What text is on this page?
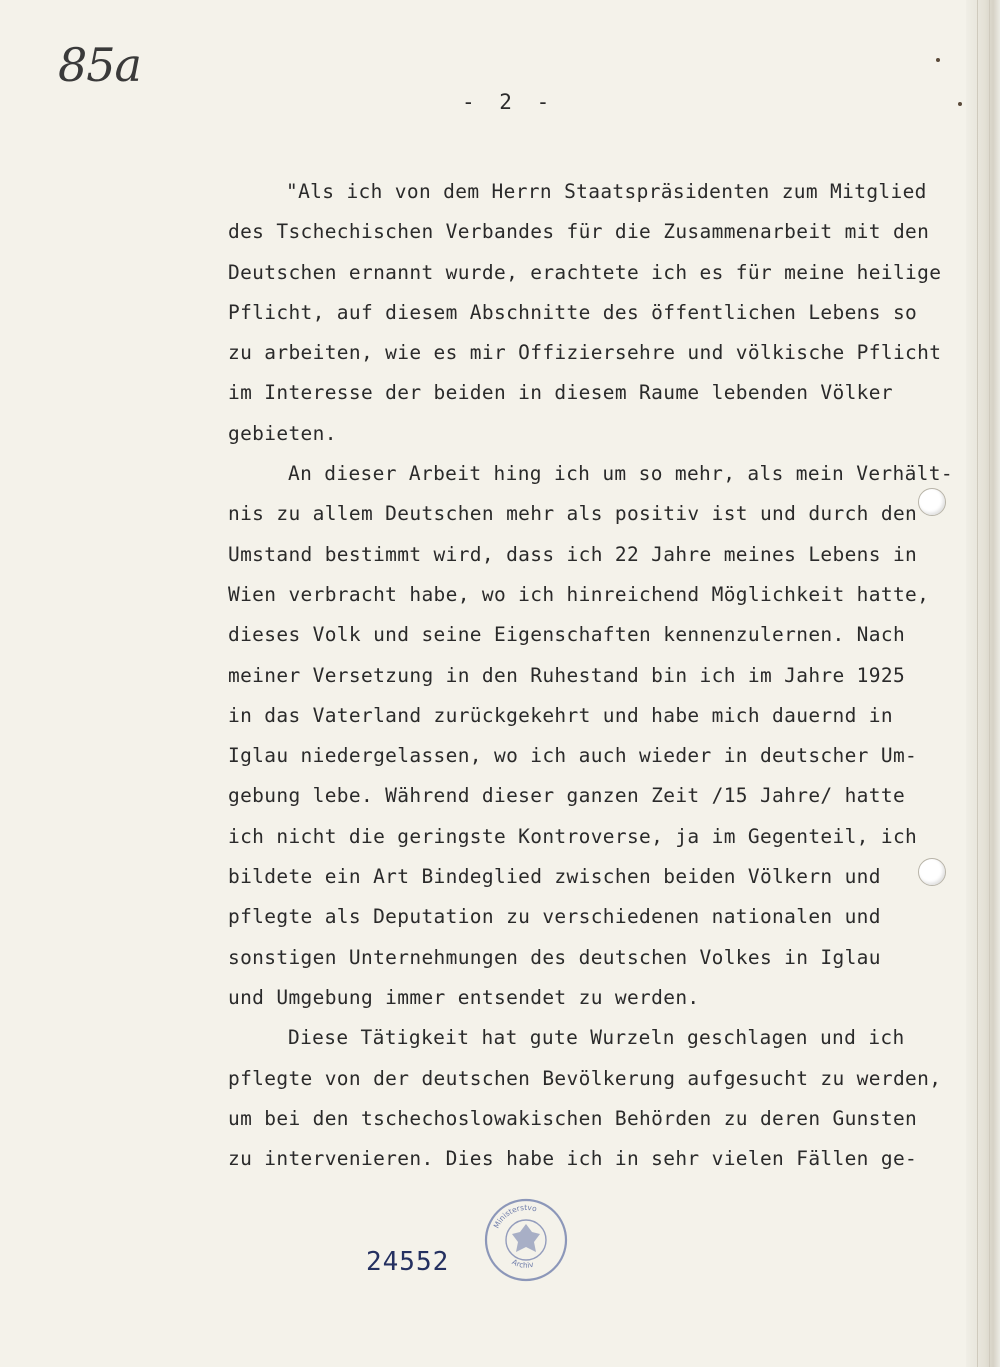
85a
- 2 -
"Als ich von dem Herrn Staatspräsidenten zum Mitglied
des Tschechischen Verbandes für die Zusammenarbeit mit den
Deutschen ernannt wurde, erachtete ich es für meine heilige
Pflicht, auf diesem Abschnitte des öffentlichen Lebens so
zu arbeiten, wie es mir Offiziersehre und völkische Pflicht
im Interesse der beiden in diesem Raume lebenden Völker
gebieten.
An dieser Arbeit hing ich um so mehr, als mein Verhält-
nis zu allem Deutschen mehr als positiv ist und durch den
Umstand bestimmt wird, dass ich 22 Jahre meines Lebens in
Wien verbracht habe, wo ich hinreichend Möglichkeit hatte,
dieses Volk und seine Eigenschaften kennenzulernen. Nach
meiner Versetzung in den Ruhestand bin ich im Jahre 1925
in das Vaterland zurückgekehrt und habe mich dauernd in
Iglau niedergelassen, wo ich auch wieder in deutscher Um-
gebung lebe. Während dieser ganzen Zeit /15 Jahre/ hatte
ich nicht die geringste Kontroverse, ja im Gegenteil, ich
bildete ein Art Bindeglied zwischen beiden Völkern und
pflegte als Deputation zu verschiedenen nationalen und
sonstigen Unternehmungen des deutschen Volkes in Iglau
und Umgebung immer entsendet zu werden.
Diese Tätigkeit hat gute Wurzeln geschlagen und ich
pflegte von der deutschen Bevölkerung aufgesucht zu werden,
um bei den tschechoslowakischen Behörden zu deren Gunsten
zu intervenieren. Dies habe ich in sehr vielen Fällen ge-
24552
Ministerstvo
Archiv
